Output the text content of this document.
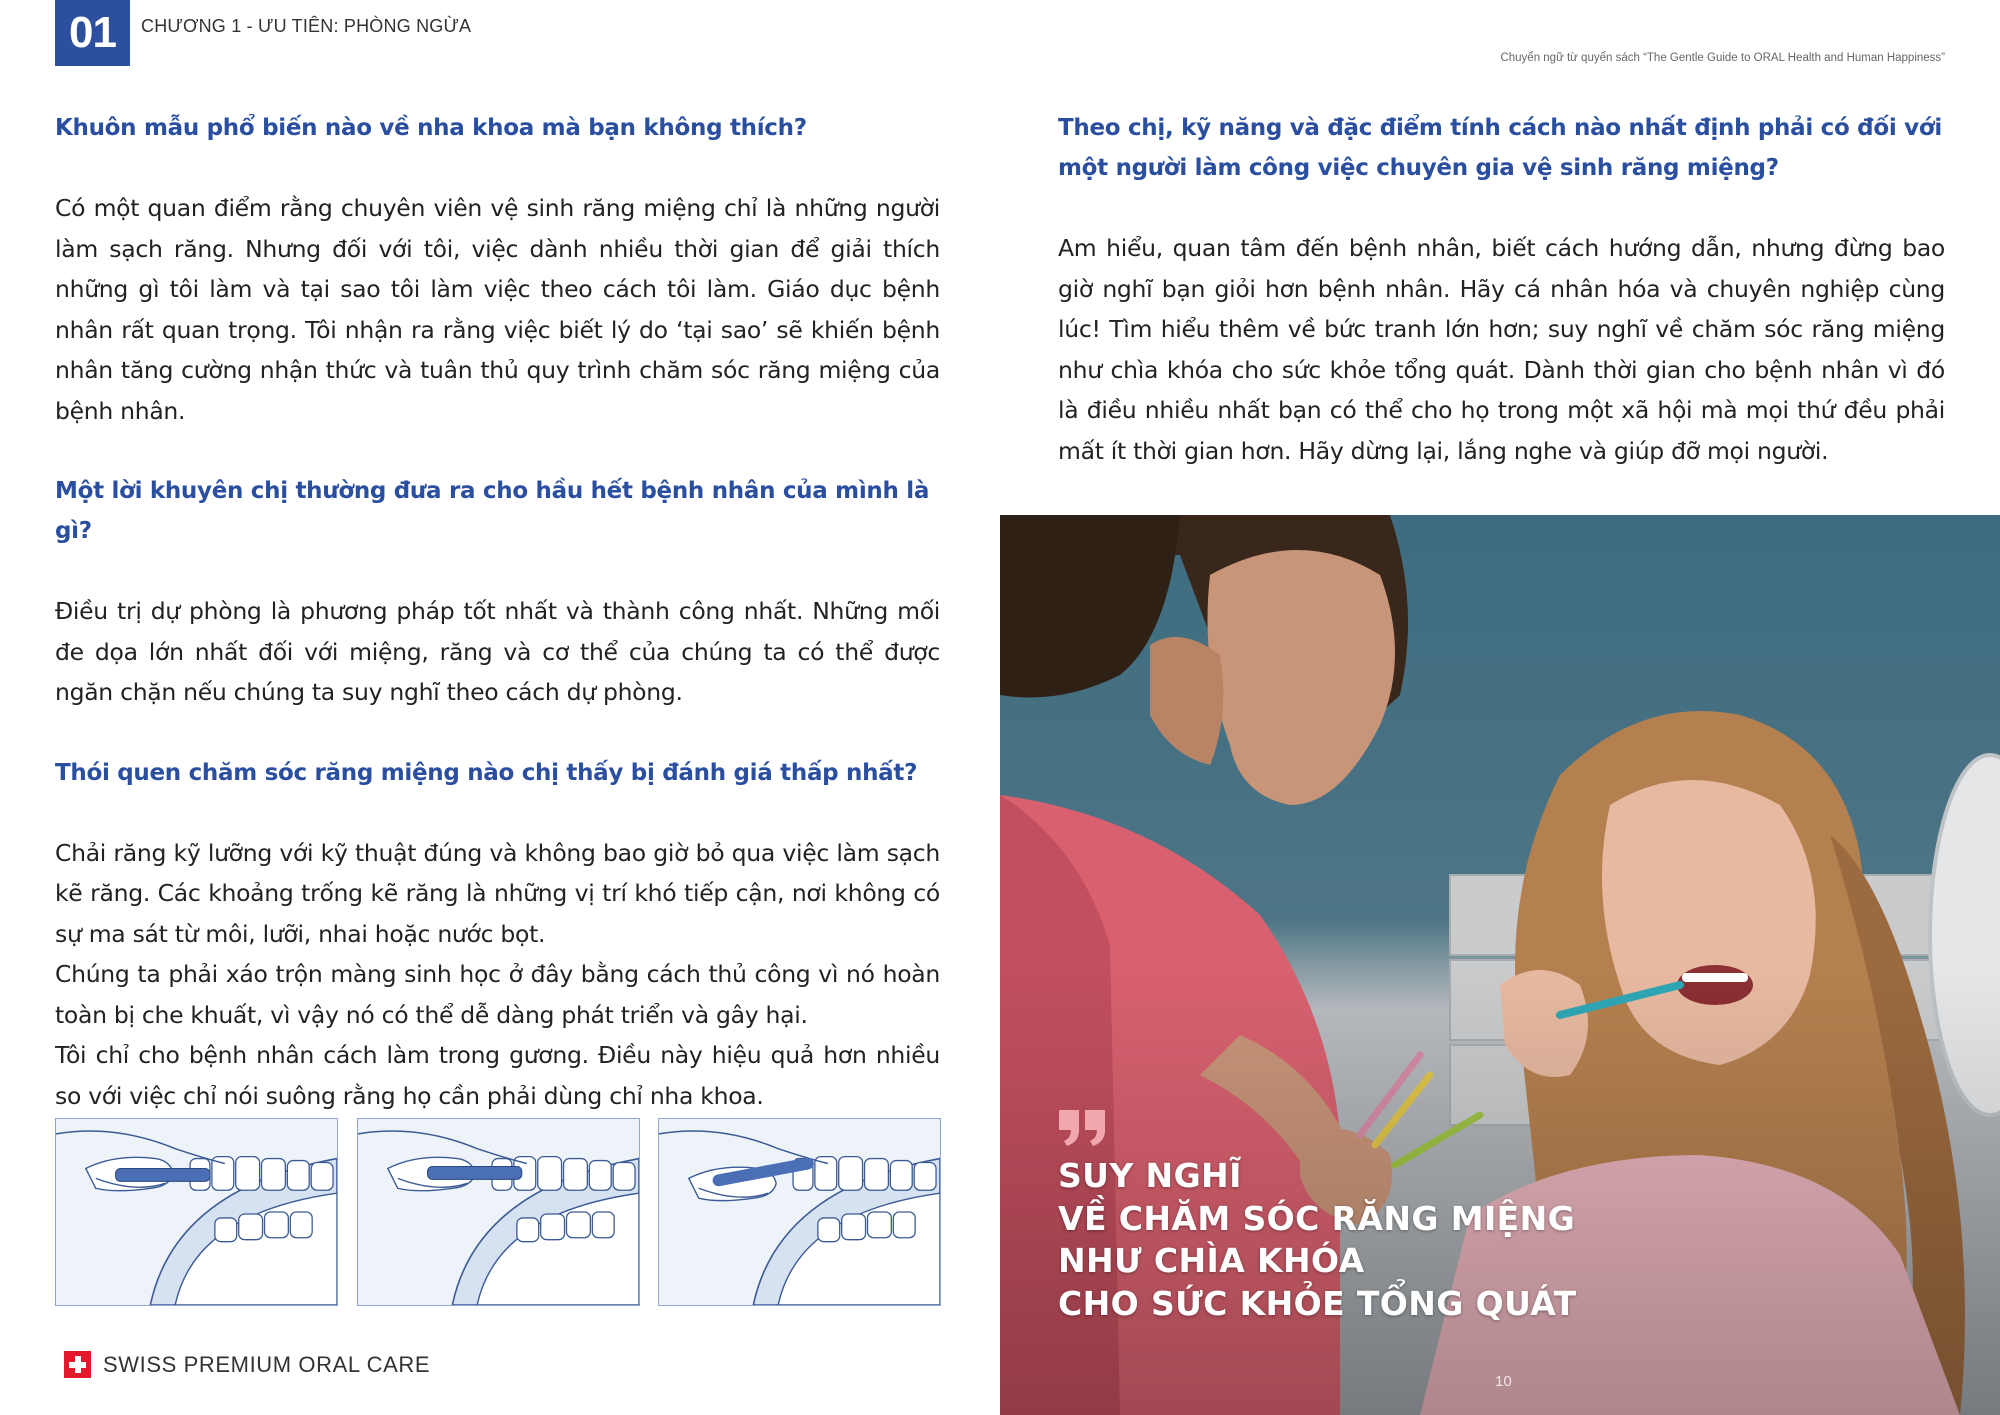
01	CHƯƠNG 1 - ƯU TIÊN: PHÒNG NGỪA
Chuyển ngữ từ quyển sách “The Gentle Guide to ORAL Health and Human Happiness”

Khuôn mẫu phổ biến nào về nha khoa mà bạn không thích?

Có một quan điểm rằng chuyên viên vệ sinh răng miệng chỉ là những người làm sạch răng. Nhưng đối với tôi, việc dành nhiều thời gian để giải thích những gì tôi làm và tại sao tôi làm việc theo cách tôi làm. Giáo dục bệnh nhân rất quan trọng. Tôi nhận ra rằng việc biết lý do ‘tại sao’ sẽ khiến bệnh nhân tăng cường nhận thức và tuân thủ quy trình chăm sóc răng miệng của bệnh nhân.

Một lời khuyên chị thường đưa ra cho hầu hết bệnh nhân của mình là gì?

Điều trị dự phòng là phương pháp tốt nhất và thành công nhất. Những mối đe dọa lớn nhất đối với miệng, răng và cơ thể của chúng ta có thể được ngăn chặn nếu chúng ta suy nghĩ theo cách dự phòng.

Thói quen chăm sóc răng miệng nào chị thấy bị đánh giá thấp nhất?

Chải răng kỹ lưỡng với kỹ thuật đúng và không bao giờ bỏ qua việc làm sạch kẽ răng. Các khoảng trống kẽ răng là những vị trí khó tiếp cận, nơi không có sự ma sát từ môi, lưỡi, nhai hoặc nước bọt.

Chúng ta phải xáo trộn màng sinh học ở đây bằng cách thủ công vì nó hoàn toàn bị che khuất, vì vậy nó có thể dễ dàng phát triển và gây hại.

Tôi chỉ cho bệnh nhân cách làm trong gương. Điều này hiệu quả hơn nhiều so với việc chỉ nói suông rằng họ cần phải dùng chỉ nha khoa.

SWISS PREMIUM ORAL CARE

Theo chị, kỹ năng và đặc điểm tính cách nào nhất định phải có đối với một người làm công việc chuyên gia vệ sinh răng miệng?

Am hiểu, quan tâm đến bệnh nhân, biết cách hướng dẫn, nhưng đừng bao giờ nghĩ bạn giỏi hơn bệnh nhân. Hãy cá nhân hóa và chuyên nghiệp cùng lúc! Tìm hiểu thêm về bức tranh lớn hơn; suy nghĩ về chăm sóc răng miệng như chìa khóa cho sức khỏe tổng quát. Dành thời gian cho bệnh nhân vì đó là điều nhiều nhất bạn có thể cho họ trong một xã hội mà mọi thứ đều phải mất ít thời gian hơn. Hãy dừng lại, lắng nghe và giúp đỡ mọi người.

SUY NGHĨ
VỀ CHĂM SÓC RĂNG MIỆNG
NHƯ CHÌA KHÓA
CHO SỨC KHỎE TỔNG QUÁT
10
